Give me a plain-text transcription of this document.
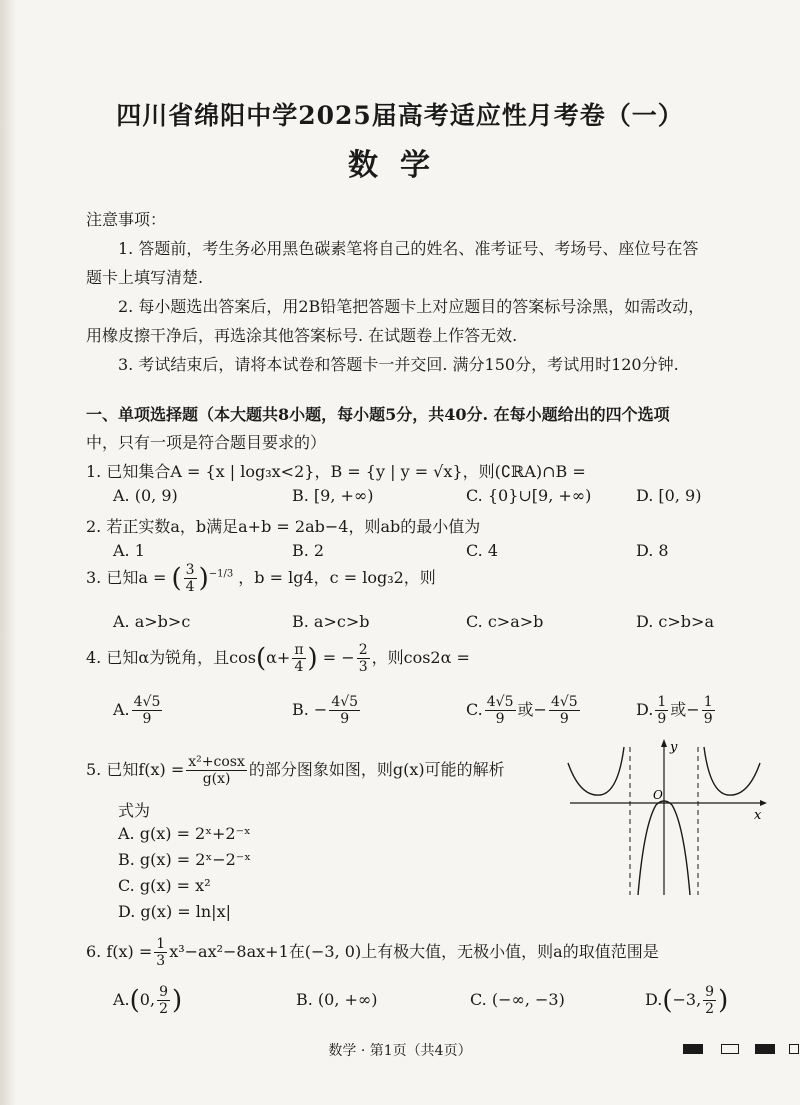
四川省绵阳中学2025届高考适应性月考卷（一）
数学
注意事项：
1. 答题前，考生务必用黑色碳素笔将自己的姓名、准考证号、考场号、座位号在答
题卡上填写清楚.
2. 每小题选出答案后，用2B铅笔把答题卡上对应题目的答案标号涂黑，如需改动，
用橡皮擦干净后，再选涂其他答案标号. 在试题卷上作答无效.
3. 考试结束后，请将本试卷和答题卡一并交回. 满分150分，考试用时120分钟.
一、单项选择题（本大题共8小题，每小题5分，共40分. 在每小题给出的四个选项
中，只有一项是符合题目要求的）
1. 已知集合A = {x | log₃x<2}，B = {y | y = √x}，则(∁ℝA)∩B =
A. (0, 9)	B. [9, +∞)	C. {0}∪[9, +∞)	D. [0, 9)
2. 若正实数a，b满足a+b = 2ab−4，则ab的最小值为
A. 1	B. 2	C. 4	D. 8
3. 已知a = ( $\frac{3}{4} )^{-1/3}$ ，b = lg4，c = log₃2，则
A. a>b>c	B. a>c>b	C. c>a>b	D. c>b>a
4. 已知α为锐角，且$\cos(\alpha+ \frac{\pi}{4}$ ) = − $\frac{2}{3}$ ，则cos2α =
A. $\frac{4√5}{9}$	B. − $\frac{4√5}{9}$	C. $\frac{4√5}{9}$ 或− $\frac{4√5}{9}$	D. $\frac{1}{9}$ 或− $\frac{1}{9}$
5. 已知$f(x) = \frac{\text{x²+cosx}}{g(x)}$ 的部分图象如图，则g(x)可能的解析
式为
A. g(x) = 2ˣ+2⁻ˣ
B. g(x) = 2ˣ−2⁻ˣ
C. g(x) = x²
D. g(x) = ln|x|
y
x
O
6. $f(x) = \frac{1}{3} x^3-ax^2-8ax+1$在(−3, 0)上有极大值，无极小值，则a的取值范围是
A.(0, $\frac{9}{2}$ )	B. (0, +∞)	C. (−∞, −3)	D.(−3, $\frac{9}{2}$ )
数学 · 第1页（共4页）
